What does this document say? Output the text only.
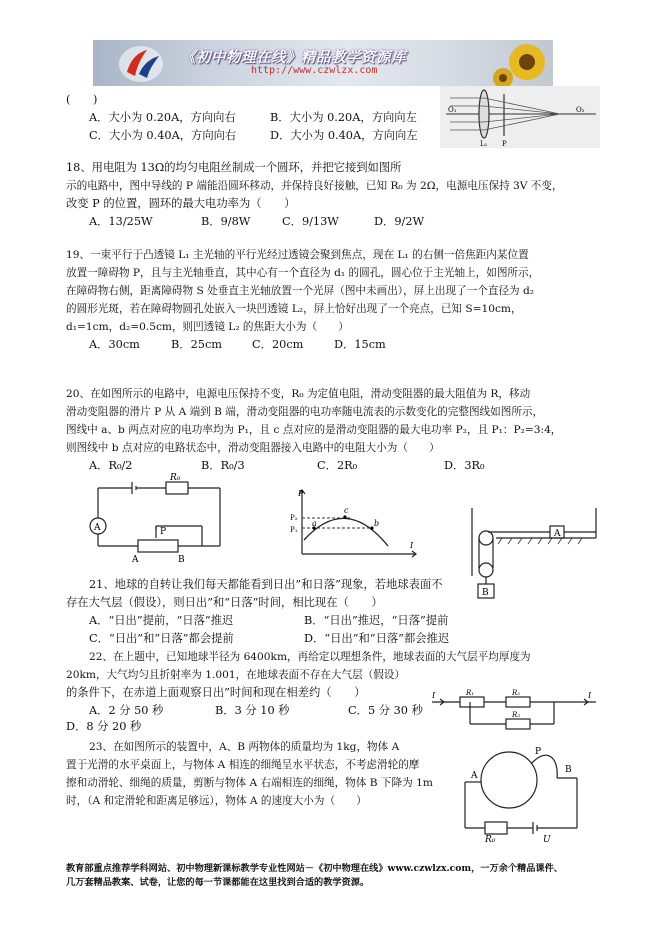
《初中物理在线》精品教学资源库
http://www.czwlzx.com
(　　)
A．大小为 0.20A，方向向右	B．大小为 0.20A，方向向左
C．大小为 0.40A，方向向右	D．大小为 0.40A，方向向左
O₁	O₂
L₁ P
18、用电阻为 13Ω的均匀电阻丝制成一个圆环，并把它接到如图所
示的电路中，图中导线的 P 端能沿圆环移动，并保持良好接触，已知 R₀ 为 2Ω，电源电压保持 3V 不变，
改变 P 的位置，圆环的最大电功率为（　　）
A．13/25W	B．9/8W	C．9/13W	D．9/2W
19、一束平行于凸透镜 L₁ 主光轴的平行光经过透镜会聚到焦点，现在 L₁ 的右侧一倍焦距内某位置
放置一障碍物 P，且与主光轴垂直，其中心有一个直径为 d₁ 的圆孔，圆心位于主光轴上，如图所示，
在障碍物右侧，距离障碍物 S 处垂直主光轴放置一个光屏（图中未画出），屏上出现了一个直径为 d₂
的圆形光斑，若在障碍物圆孔处嵌入一块凹透镜 L₂，屏上恰好出现了一个亮点，已知 S=10cm，
d₁=1cm，d₂=0.5cm，则凹透镜 L₂ 的焦距大小为（　　）
A．30cm	B．25cm	C．20cm	D．15cm
20、在如图所示的电路中，电源电压保持不变，R₀ 为定值电阻，滑动变阻器的最大阻值为 R，移动
滑动变阻器的滑片 P 从 A 端到 B 端，滑动变阻器的电功率随电流表的示数变化的完整图线如图所示，
图线中 a、b 两点对应的电功率均为 P₁，且 c 点对应的是滑动变阻器的最大电功率 P₂，且 P₁：P₂=3:4，
则图线中 b 点对应的电路状态中，滑动变阻器接入电路中的电阻大小为（　　）
A．R₀/2	B．R₀/3	C．2R₀	D．3R₀
R₀
A
A
P
B
P
P₂
P₁
a
c
b
I
A
B
21、地球的自转让我们每天都能看到日出”和日落”现象，若地球表面不
存在大气层（假设），则日出”和“日落”时间，相比现在（　　）
A．“日出”提前，“日落”推迟	B．“日出”推迟，“日落”提前
C．“日出”和“日落”都会提前	D．“日出”和“日落”都会推迟
22、在上题中，已知地球半径为 6400km，再给定以理想条件，地球表面的大气层平均厚度为
20km，大气均匀且折射率为 1.001，在地球表面不存在大气层（假设）
的条件下，在赤道上面观察日出”时间和现在相差约（　　）
A．2 分 50 秒	B．3 分 10 秒	C．5 分 30 秒
D．8 分 20 秒
I	I
R₁	R₂
R₃
23、在如图所示的装置中，A、B 两物体的质量均为 1kg，物体 A
置于光滑的水平桌面上，与物体 A 相连的细绳呈水平状态，不考虑滑轮的摩
擦和动滑轮、细绳的质量，剪断与物体 A 右端相连的细绳，物体 B 下降为 1m
时，（A 和定滑轮和距离足够远），物体 A 的速度大小为（　　）
P
A
B
R₀	U
教育部重点推荐学科网站、初中物理新课标教学专业性网站－《初中物理在线》www.czwlzx.com，一万余个精品课件、
几万套精品教案、试卷，让您的每一节课都能在这里找到合适的教学资源。
